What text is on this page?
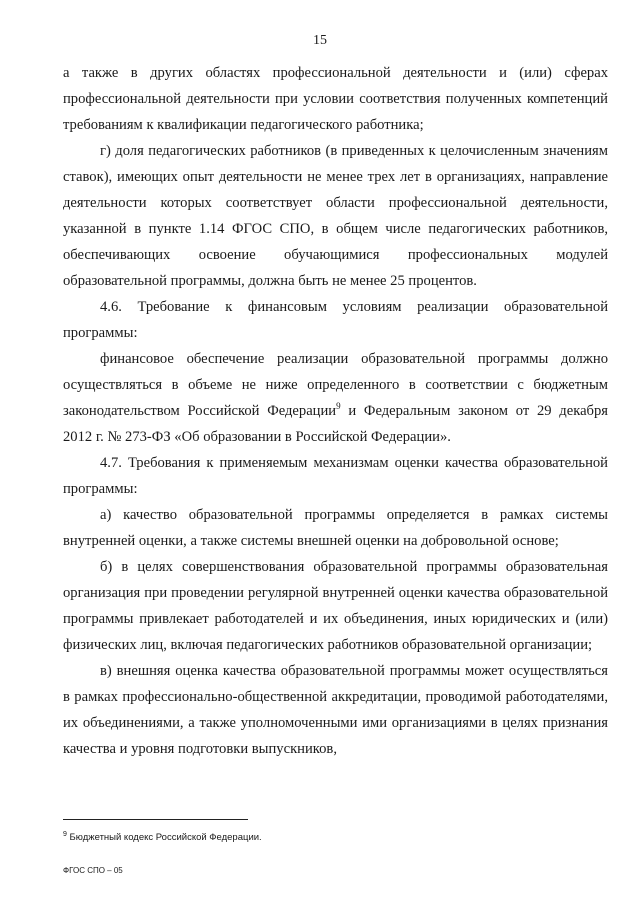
15

а также в других областях профессиональной деятельности и (или) сферах профессиональной деятельности при условии соответствия полученных компетенций требованиям к квалификации педагогического работника;

г) доля педагогических работников (в приведенных к целочисленным значениям ставок), имеющих опыт деятельности не менее трех лет в организациях, направление деятельности которых соответствует области профессиональной деятельности, указанной в пункте 1.14 ФГОС СПО, в общем числе педагогических работников, обеспечивающих освоение обучающимися профессиональных модулей образовательной программы, должна быть не менее 25 процентов.

4.6. Требование к финансовым условиям реализации образовательной программы:

финансовое обеспечение реализации образовательной программы должно осуществляться в объеме не ниже определенного в соответствии с бюджетным законодательством Российской Федерации$^9$ и Федеральным законом от 29 декабря 2012 г. № 273-ФЗ «Об образовании в Российской Федерации».

4.7. Требования к применяемым механизмам оценки качества образовательной программы:

а) качество образовательной программы определяется в рамках системы внутренней оценки, а также системы внешней оценки на добровольной основе;

б) в целях совершенствования образовательной программы образовательная организация при проведении регулярной внутренней оценки качества образовательной программы привлекает работодателей и их объединения, иных юридических и (или) физических лиц, включая педагогических работников образовательной организации;

в) внешняя оценка качества образовательной программы может осуществляться в рамках профессионально-общественной аккредитации, проводимой работодателями, их объединениями, а также уполномоченными ими организациями в целях признания качества и уровня подготовки выпускников,

$^9$ Бюджетный кодекс Российской Федерации.
ФГОС СПО – 05
